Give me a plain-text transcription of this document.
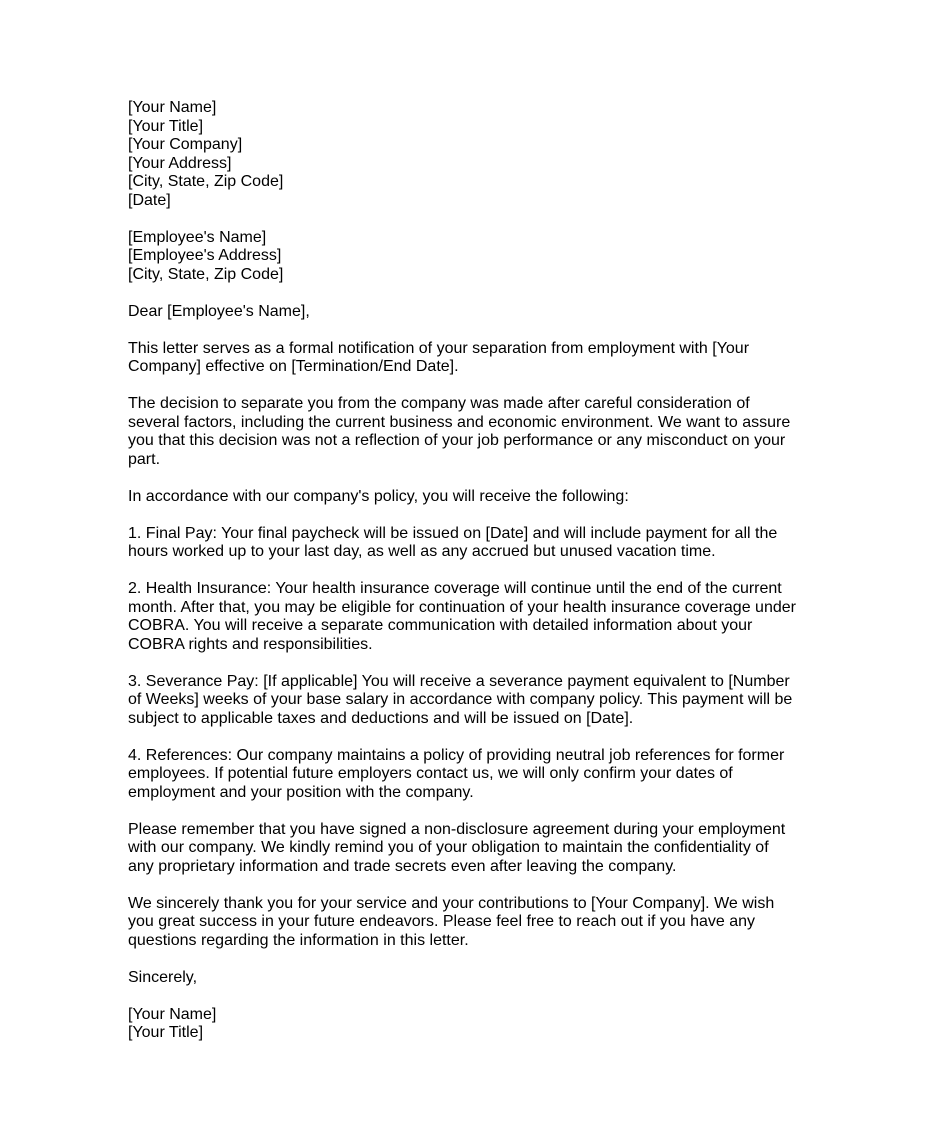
[Your Name]
[Your Title]
[Your Company]
[Your Address]
[City, State, Zip Code]
[Date]
[Employee's Name]
[Employee's Address]
[City, State, Zip Code]

Dear [Employee's Name],

This letter serves as a formal notification of your separation from employment with [Your
Company] effective on [Termination/End Date].

The decision to separate you from the company was made after careful consideration of
several factors, including the current business and economic environment. We want to assure
you that this decision was not a reflection of your job performance or any misconduct on your
part.

In accordance with our company's policy, you will receive the following:

1. Final Pay: Your final paycheck will be issued on [Date] and will include payment for all the
hours worked up to your last day, as well as any accrued but unused vacation time.

2. Health Insurance: Your health insurance coverage will continue until the end of the current
month. After that, you may be eligible for continuation of your health insurance coverage under
COBRA. You will receive a separate communication with detailed information about your
COBRA rights and responsibilities.

3. Severance Pay: [If applicable] You will receive a severance payment equivalent to [Number
of Weeks] weeks of your base salary in accordance with company policy. This payment will be
subject to applicable taxes and deductions and will be issued on [Date].

4. References: Our company maintains a policy of providing neutral job references for former
employees. If potential future employers contact us, we will only confirm your dates of
employment and your position with the company.

Please remember that you have signed a non-disclosure agreement during your employment
with our company. We kindly remind you of your obligation to maintain the confidentiality of
any proprietary information and trade secrets even after leaving the company.

We sincerely thank you for your service and your contributions to [Your Company]. We wish
you great success in your future endeavors. Please feel free to reach out if you have any
questions regarding the information in this letter.

Sincerely,

[Your Name]
[Your Title]
